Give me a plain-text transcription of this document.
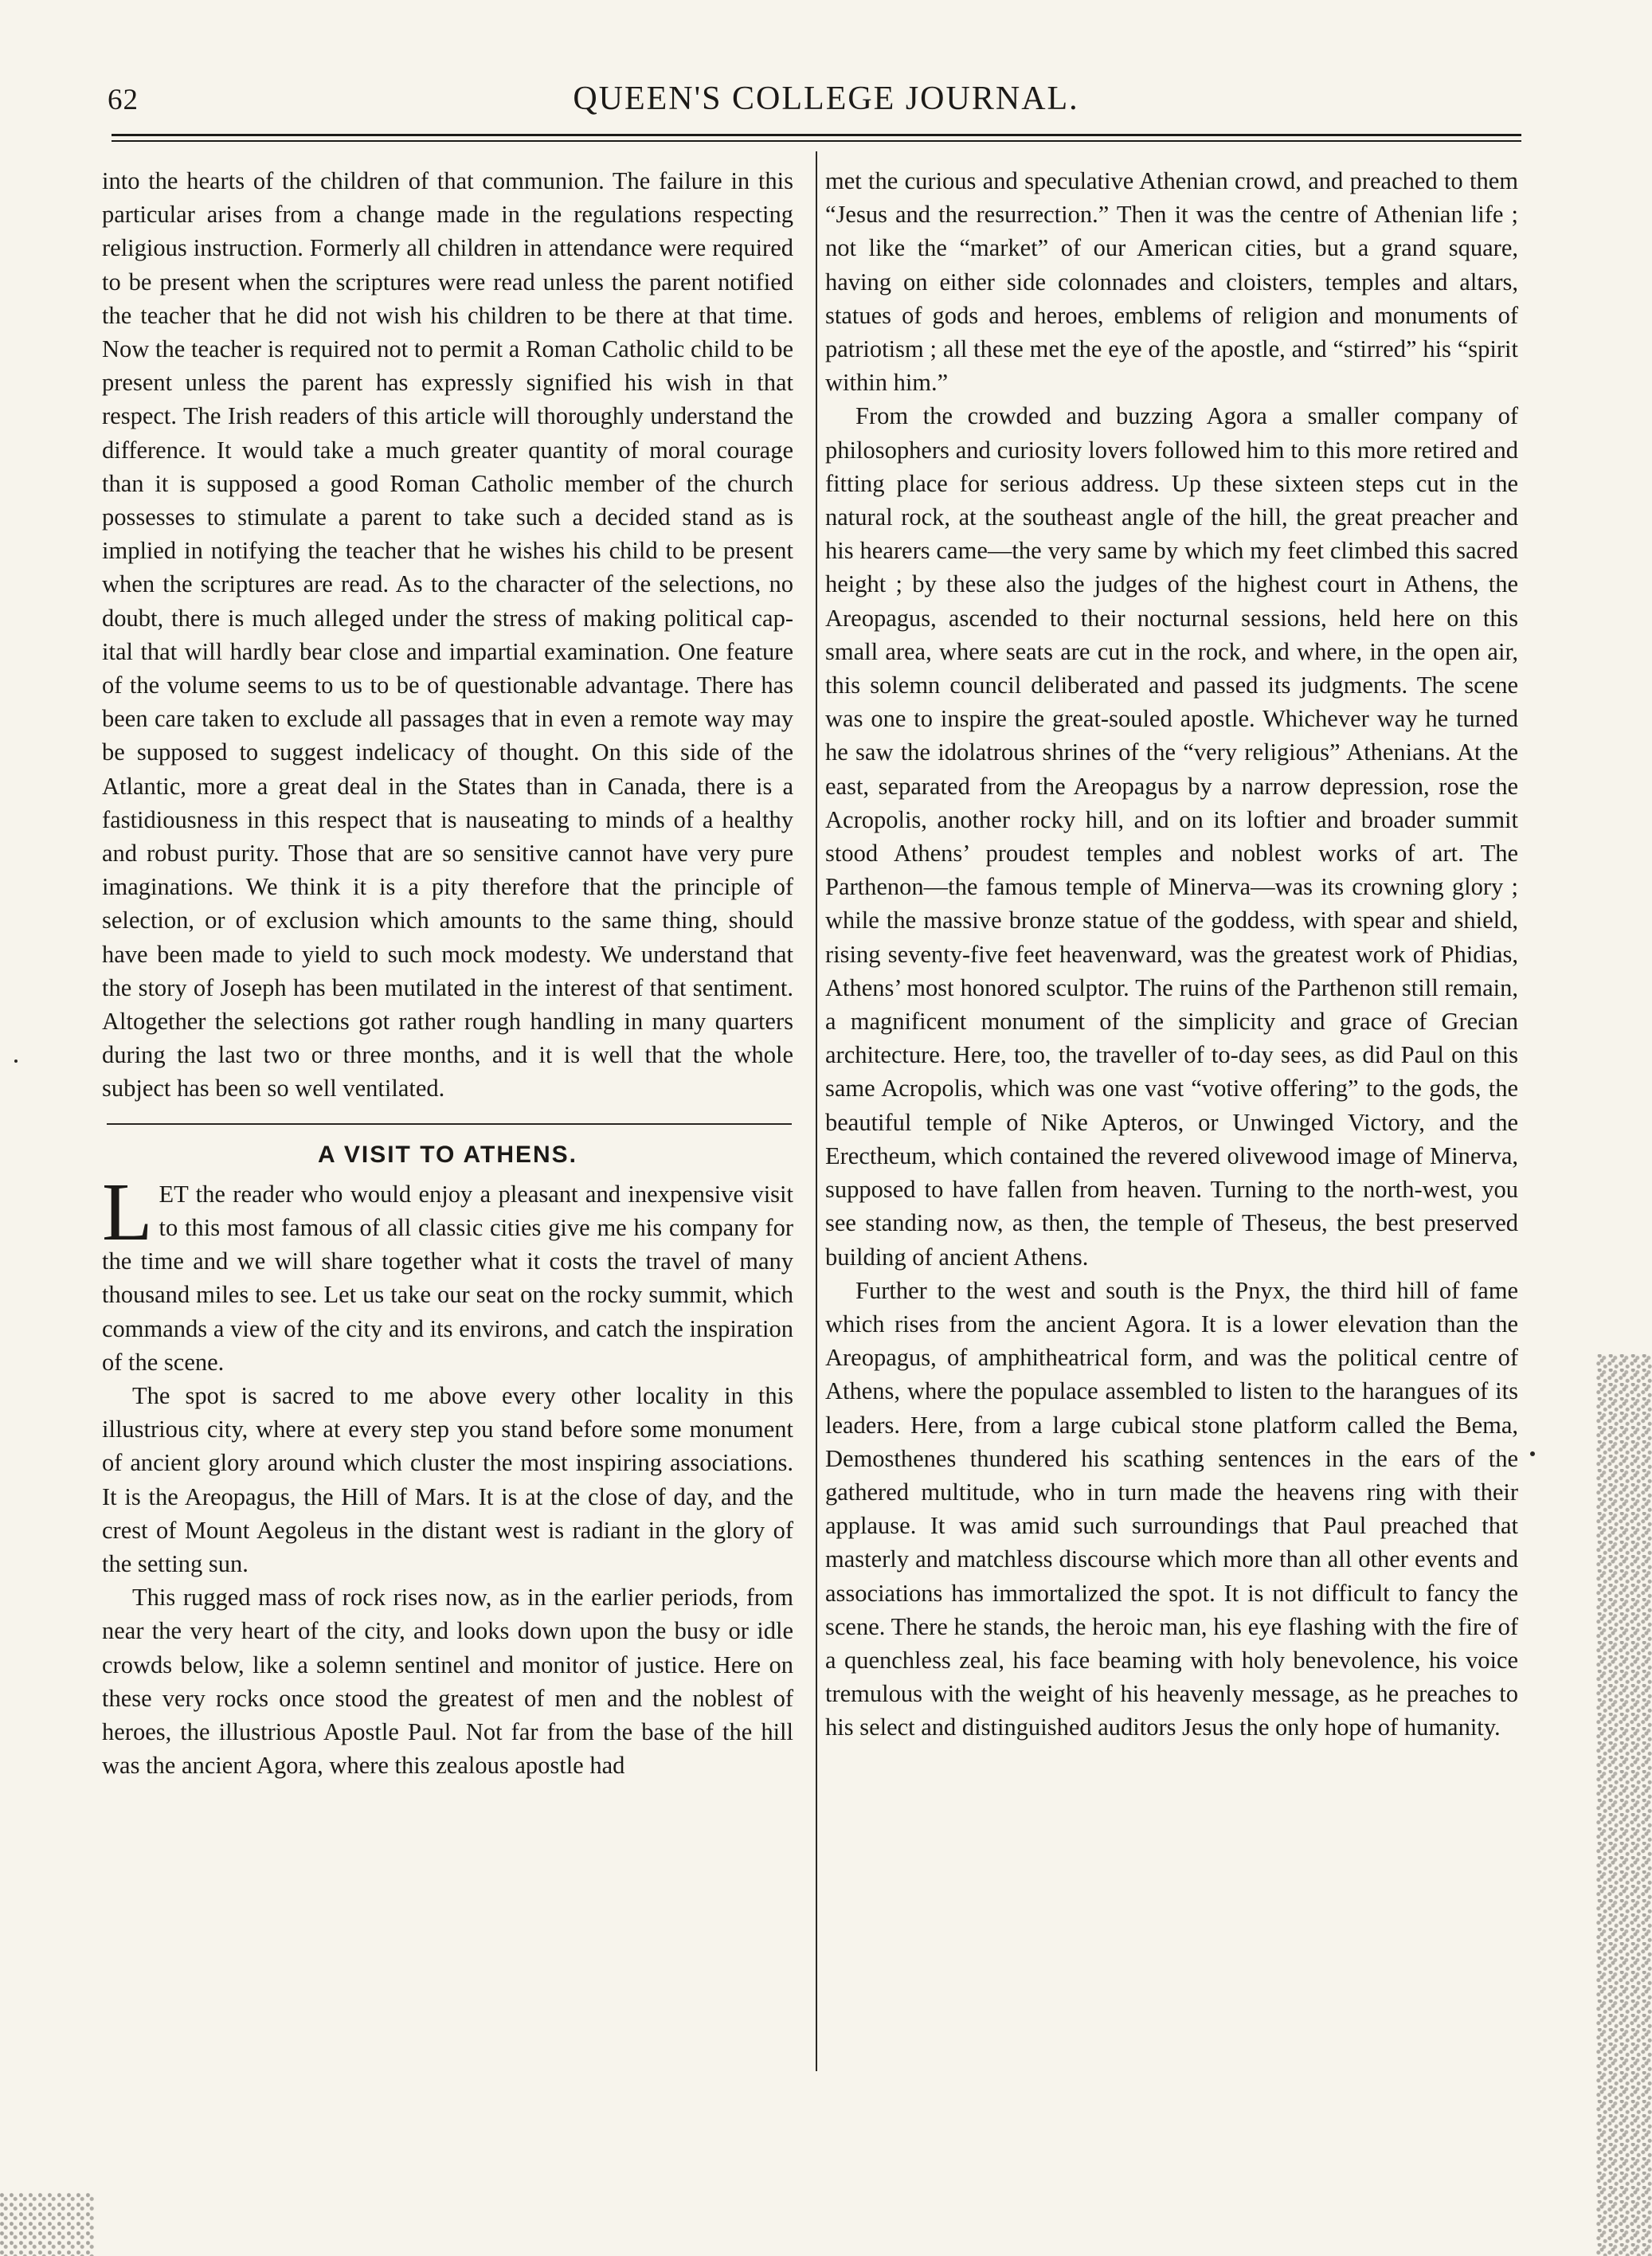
62	QUEEN'S COLLEGE JOURNAL.

into the hearts of the children of that communion. The failure in this particular arises from a change made in the regulations respecting religious instruction. Formerly all children in attendance were required to be present when the scriptures were read unless the parent notified the teacher that he did not wish his children to be there at that time. Now the teacher is required not to permit a Roman Catholic child to be present unless the parent has expressly signified his wish in that respect. The Irish readers of this article will thoroughly understand the difference. It would take a much greater quantity of moral courage than it is supposed a good Roman Catholic member of the church possesses to stimulate a parent to take such a decided stand as is implied in notifying the teacher that he wishes his child to be present when the scriptures are read. As to the character of the selections, no doubt, there is much alleged under the stress of making political capital that will hardly bear close and impartial examination. One feature of the volume seems to us to be of questionable advantage. There has been care taken to exclude all passages that in even a remote way may be supposed to suggest indelicacy of thought. On this side of the Atlantic, more a great deal in the States than in Canada, there is a fastidiousness in this respect that is nauseating to minds of a healthy and robust purity. Those that are so sensitive cannot have very pure imaginations. We think it is a pity therefore that the principle of selection, or of exclusion which amounts to the same thing, should have been made to yield to such mock modesty. We understand that the story of Joseph has been mutilated in the interest of that sentiment. Altogether the selections got rather rough handling in many quarters during the last two or three months, and it is well that the whole subject has been so well ventilated.

A VISIT TO ATHENS.

LET the reader who would enjoy a pleasant and inexpensive visit to this most famous of all classic cities give me his company for the time and we will share together what it costs the travel of many thousand miles to see. Let us take our seat on the rocky summit, which commands a view of the city and its environs, and catch the inspiration of the scene.

The spot is sacred to me above every other locality in this illustrious city, where at every step you stand before some monument of ancient glory around which cluster the most inspiring associations. It is the Areopagus, the Hill of Mars. It is at the close of day, and the crest of Mount Aegoleus in the distant west is radiant in the glory of the setting sun.

This rugged mass of rock rises now, as in the earlier periods, from near the very heart of the city, and looks down upon the busy or idle crowds below, like a solemn sentinel and monitor of justice. Here on these very rocks once stood the greatest of men and the noblest of heroes, the illustrious Apostle Paul. Not far from the base of the hill was the ancient Agora, where this zealous apostle had

met the curious and speculative Athenian crowd, and preached to them “Jesus and the resurrection.” Then it was the centre of Athenian life ; not like the “market” of our American cities, but a grand square, having on either side colonnades and cloisters, temples and altars, statues of gods and heroes, emblems of religion and monuments of patriotism ; all these met the eye of the apostle, and “stirred” his “spirit within him.”

From the crowded and buzzing Agora a smaller company of philosophers and curiosity lovers followed him to this more retired and fitting place for serious address. Up these sixteen steps cut in the natural rock, at the southeast angle of the hill, the great preacher and his hearers came—the very same by which my feet climbed this sacred height ; by these also the judges of the highest court in Athens, the Areopagus, ascended to their nocturnal sessions, held here on this small area, where seats are cut in the rock, and where, in the open air, this solemn council deliberated and passed its judgments. The scene was one to inspire the great-souled apostle. Whichever way he turned he saw the idolatrous shrines of the “very religious” Athenians. At the east, separated from the Areopagus by a narrow depression, rose the Acropolis, another rocky hill, and on its loftier and broader summit stood Athens’ proudest temples and noblest works of art. The Parthenon—the famous temple of Minerva—was its crowning glory ; while the massive bronze statue of the goddess, with spear and shield, rising seventy-five feet heavenward, was the greatest work of Phidias, Athens’ most honored sculptor. The ruins of the Parthenon still remain, a magnificent monument of the simplicity and grace of Grecian architecture. Here, too, the traveller of to-day sees, as did Paul on this same Acropolis, which was one vast “votive offering” to the gods, the beautiful temple of Nike Apteros, or Unwinged Victory, and the Erectheum, which contained the revered olivewood image of Minerva, supposed to have fallen from heaven. Turning to the north-west, you see standing now, as then, the temple of Theseus, the best preserved building of ancient Athens.

Further to the west and south is the Pnyx, the third hill of fame which rises from the ancient Agora. It is a lower elevation than the Areopagus, of amphitheatrical form, and was the political centre of Athens, where the populace assembled to listen to the harangues of its leaders. Here, from a large cubical stone platform called the Bema, Demosthenes thundered his scathing sentences in the ears of the gathered multitude, who in turn made the heavens ring with their applause. It was amid such surroundings that Paul preached that masterly and matchless discourse which more than all other events and associations has immortalized the spot. It is not difficult to fancy the scene. There he stands, the heroic man, his eye flashing with the fire of a quenchless zeal, his face beaming with holy benevolence, his voice tremulous with the weight of his heavenly message, as he preaches to his select and distinguished auditors Jesus the only hope of humanity.
